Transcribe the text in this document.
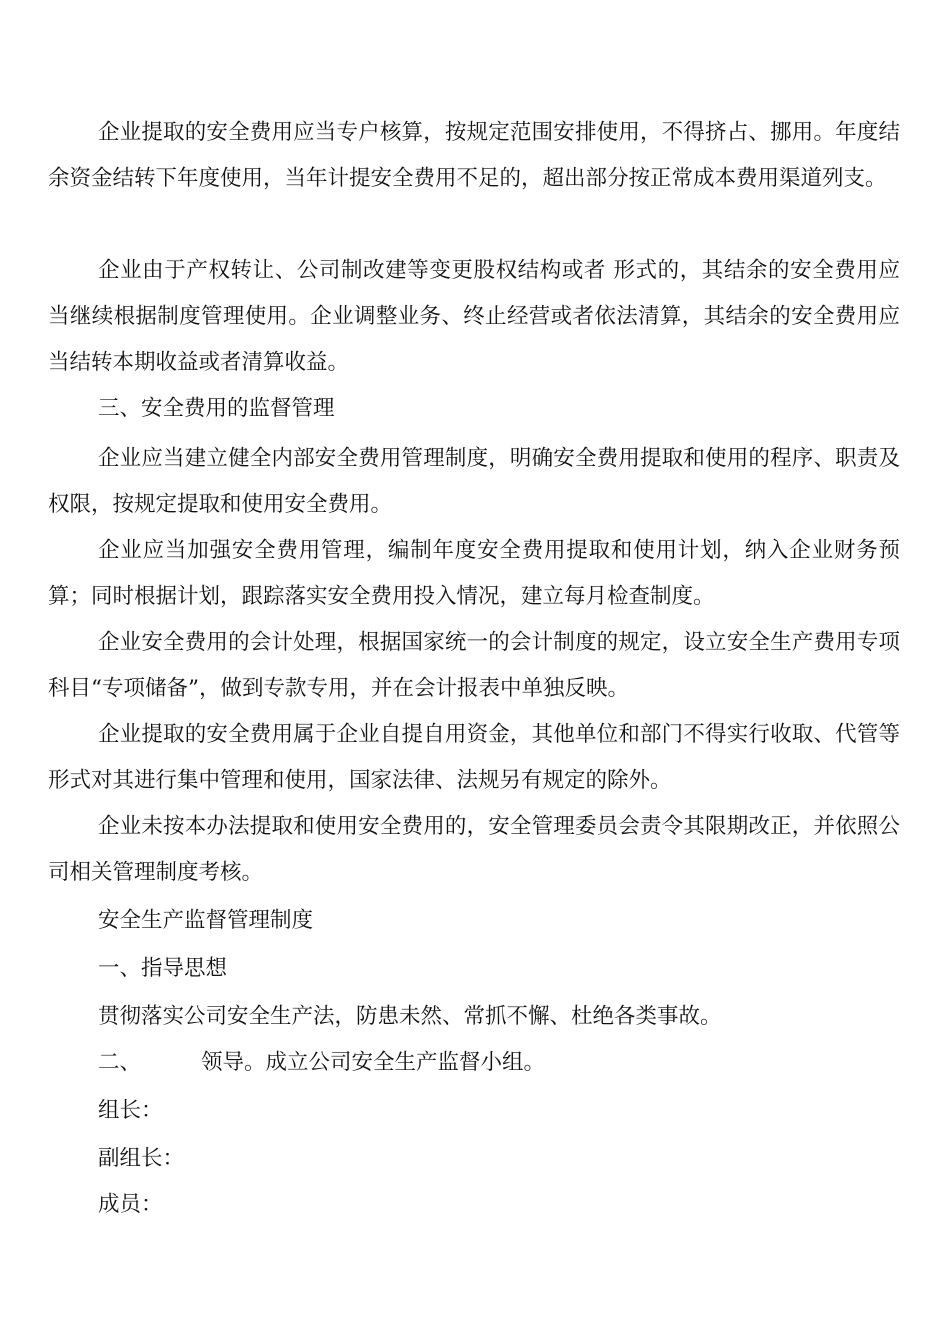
企业提取的安全费用应当专户核算，按规定范围安排使用，不得挤占、挪用。年度结余资金结转下年度使用，当年计提安全费用不足的，超出部分按正常成本费用渠道列支。

企业由于产权转让、公司制改建等变更股权结构或者 形式的，其结余的安全费用应当继续根据制度管理使用。企业调整业务、终止经营或者依法清算，其结余的安全费用应当结转本期收益或者清算收益。

三、安全费用的监督管理

企业应当建立健全内部安全费用管理制度，明确安全费用提取和使用的程序、职责及权限，按规定提取和使用安全费用。

企业应当加强安全费用管理，编制年度安全费用提取和使用计划，纳入企业财务预算；同时根据计划，跟踪落实安全费用投入情况，建立每月检查制度。

企业安全费用的会计处理，根据国家统一的会计制度的规定，设立安全生产费用专项科目“专项储备”，做到专款专用，并在会计报表中单独反映。

企业提取的安全费用属于企业自提自用资金，其他单位和部门不得实行收取、代管等形式对其进行集中管理和使用，国家法律、法规另有规定的除外。

企业未按本办法提取和使用安全费用的，安全管理委员会责令其限期改正，并依照公司相关管理制度考核。

安全生产监督管理制度

一、指导思想

贯彻落实公司安全生产法，防患未然、常抓不懈、杜绝各类事故。

二、	领导。成立公司安全生产监督小组。

组长：

副组长：

成员：
